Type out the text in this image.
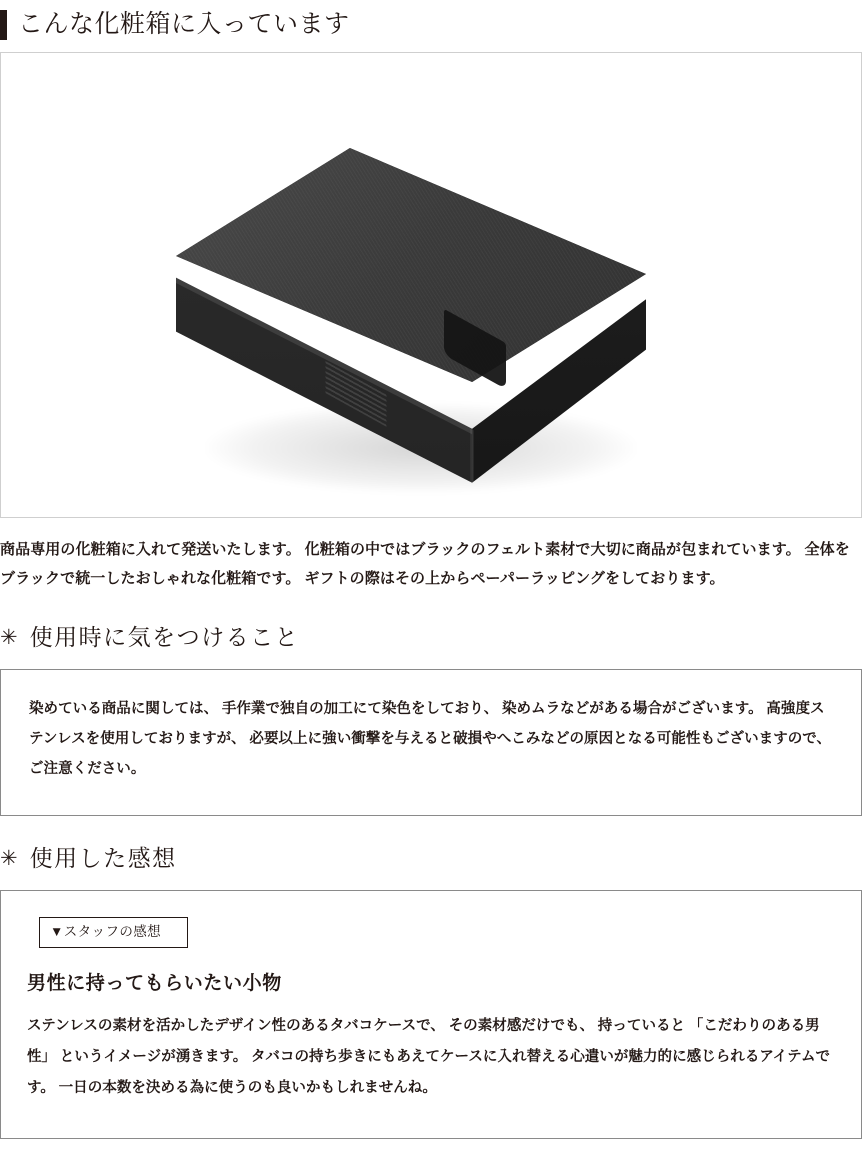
こんな化粧箱に入っています

商品専用の化粧箱に入れて発送いたします。 化粧箱の中ではブラックのフェルト素材で大切に商品が包まれています。 全体をブラックで統一したおしゃれな化粧箱です。 ギフトの際はその上からペーパーラッピングをしております。

✳ 使用時に気をつけること
染めている商品に関しては、 手作業で独自の加工にて染色をしており、 染めムラなどがある場合がございます。 高強度ステンレスを使用しておりますが、 必要以上に強い衝撃を与えると破損やへこみなどの原因となる可能性もございますので、 ご注意ください。
✳ 使用した感想
▼スタッフの感想
男性に持ってもらいたい小物
ステンレスの素材を活かしたデザイン性のあるタバコケースで、 その素材感だけでも、 持っていると 「こだわりのある男性」 というイメージが湧きます。 タバコの持ち歩きにもあえてケースに入れ替える心遣いが魅力的に感じられるアイテムです。 一日の本数を決める為に使うのも良いかもしれませんね。
